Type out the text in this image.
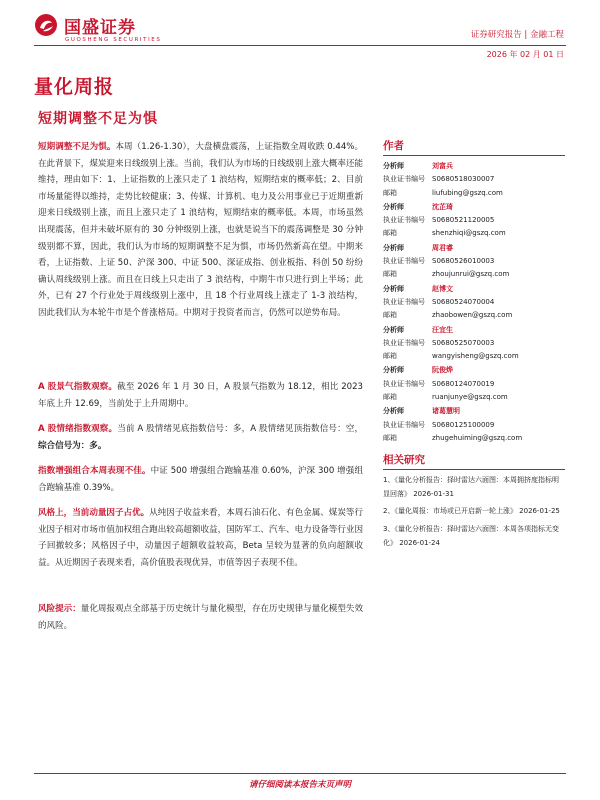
国盛证券
GUOSHENG SECURITIES	证券研究报告 | 金融工程
2026 年 02 月 01 日
量化周报
短期调整不足为惧

短期调整不足为惧。本周（1.26-1.30），大盘横盘震荡，上证指数全周收跌 0.44%。在此背景下，煤炭迎来日线级别上涨。当前，我们认为市场的日线级别上涨大概率还能维持，理由如下：1、上证指数的上涨只走了 1 浪结构，短期结束的概率低；2、目前市场量能得以维持，走势比较健康；3、传媒、计算机、电力及公用事业已于近期重新迎来日线级别上涨，而且上涨只走了 1 浪结构，短期结束的概率低。本周，市场虽然出现震荡，但并未破坏原有的 30 分钟级别上涨，也就是说当下的震荡调整是 30 分钟级别都不算，因此，我们认为市场的短期调整不足为惧，市场仍然新高在望。中期来看，上证指数、上证 50、沪深 300、中证 500、深证成指、创业板指、科创 50 纷纷确认周线级别上涨。而且在日线上只走出了 3 浪结构，中期牛市只进行到上半场；此外，已有 27 个行业处于周线级别上涨中，且 18 个行业周线上涨走了 1-3 浪结构，因此我们认为本轮牛市是个普涨格局。中期对于投资者而言，仍然可以逆势布局。

A 股景气指数观察。截至 2026 年 1 月 30 日，A 股景气指数为 18.12，相比 2023 年底上升 12.69，当前处于上升周期中。

A 股情绪指数观察。当前 A 股情绪见底指数信号：多，A 股情绪见顶指数信号：空，综合信号为：多。

指数增强组合本周表现不佳。中证 500 增强组合跑输基准 0.60%，沪深 300 增强组合跑输基准 0.39%。

风格上，当前动量因子占优。从纯因子收益来看，本周石油石化、有色金属、煤炭等行业因子相对市场市值加权组合跑出较高超额收益，国防军工、汽车、电力设备等行业因子回撤较多；风格因子中，动量因子超额收益较高，Beta 呈较为显著的负向超额收益。从近期因子表现来看，高价值股表现优异，市值等因子表现不佳。

风险提示：量化周报观点全部基于历史统计与量化模型，存在历史规律与量化模型失效的风险。

作者
分析师	刘富兵
执业证书编号 S0680518030007
邮箱	liufubing@gszq.com
分析师	沈芷琦
执业证书编号 S0680521120005
邮箱	shenzhiqi@gszq.com
分析师	周君睿
执业证书编号 S0680526010003
邮箱	zhoujunrui@gszq.com
分析师	赵博文
执业证书编号 S0680524070004
邮箱	zhaobowen@gszq.com
分析师	汪宜生
执业证书编号 S0680525070003
邮箱	wangyisheng@gszq.com
分析师	阮俊烨
执业证书编号 S0680124070019
邮箱	ruanjunye@gszq.com
分析师	诸葛慧明
执业证书编号 S0680125100009
邮箱	zhugehuiming@gszq.com
相关研究
1、《量化分析报告：择时雷达六面图：本周拥挤度指标明显回落》 2026-01-31
2、《量化周报：市场或已开启新一轮上涨》 2026-01-25
3、《量化分析报告：择时雷达六面图：本周各项指标无变化》 2026-01-24
请仔细阅读本报告末页声明
